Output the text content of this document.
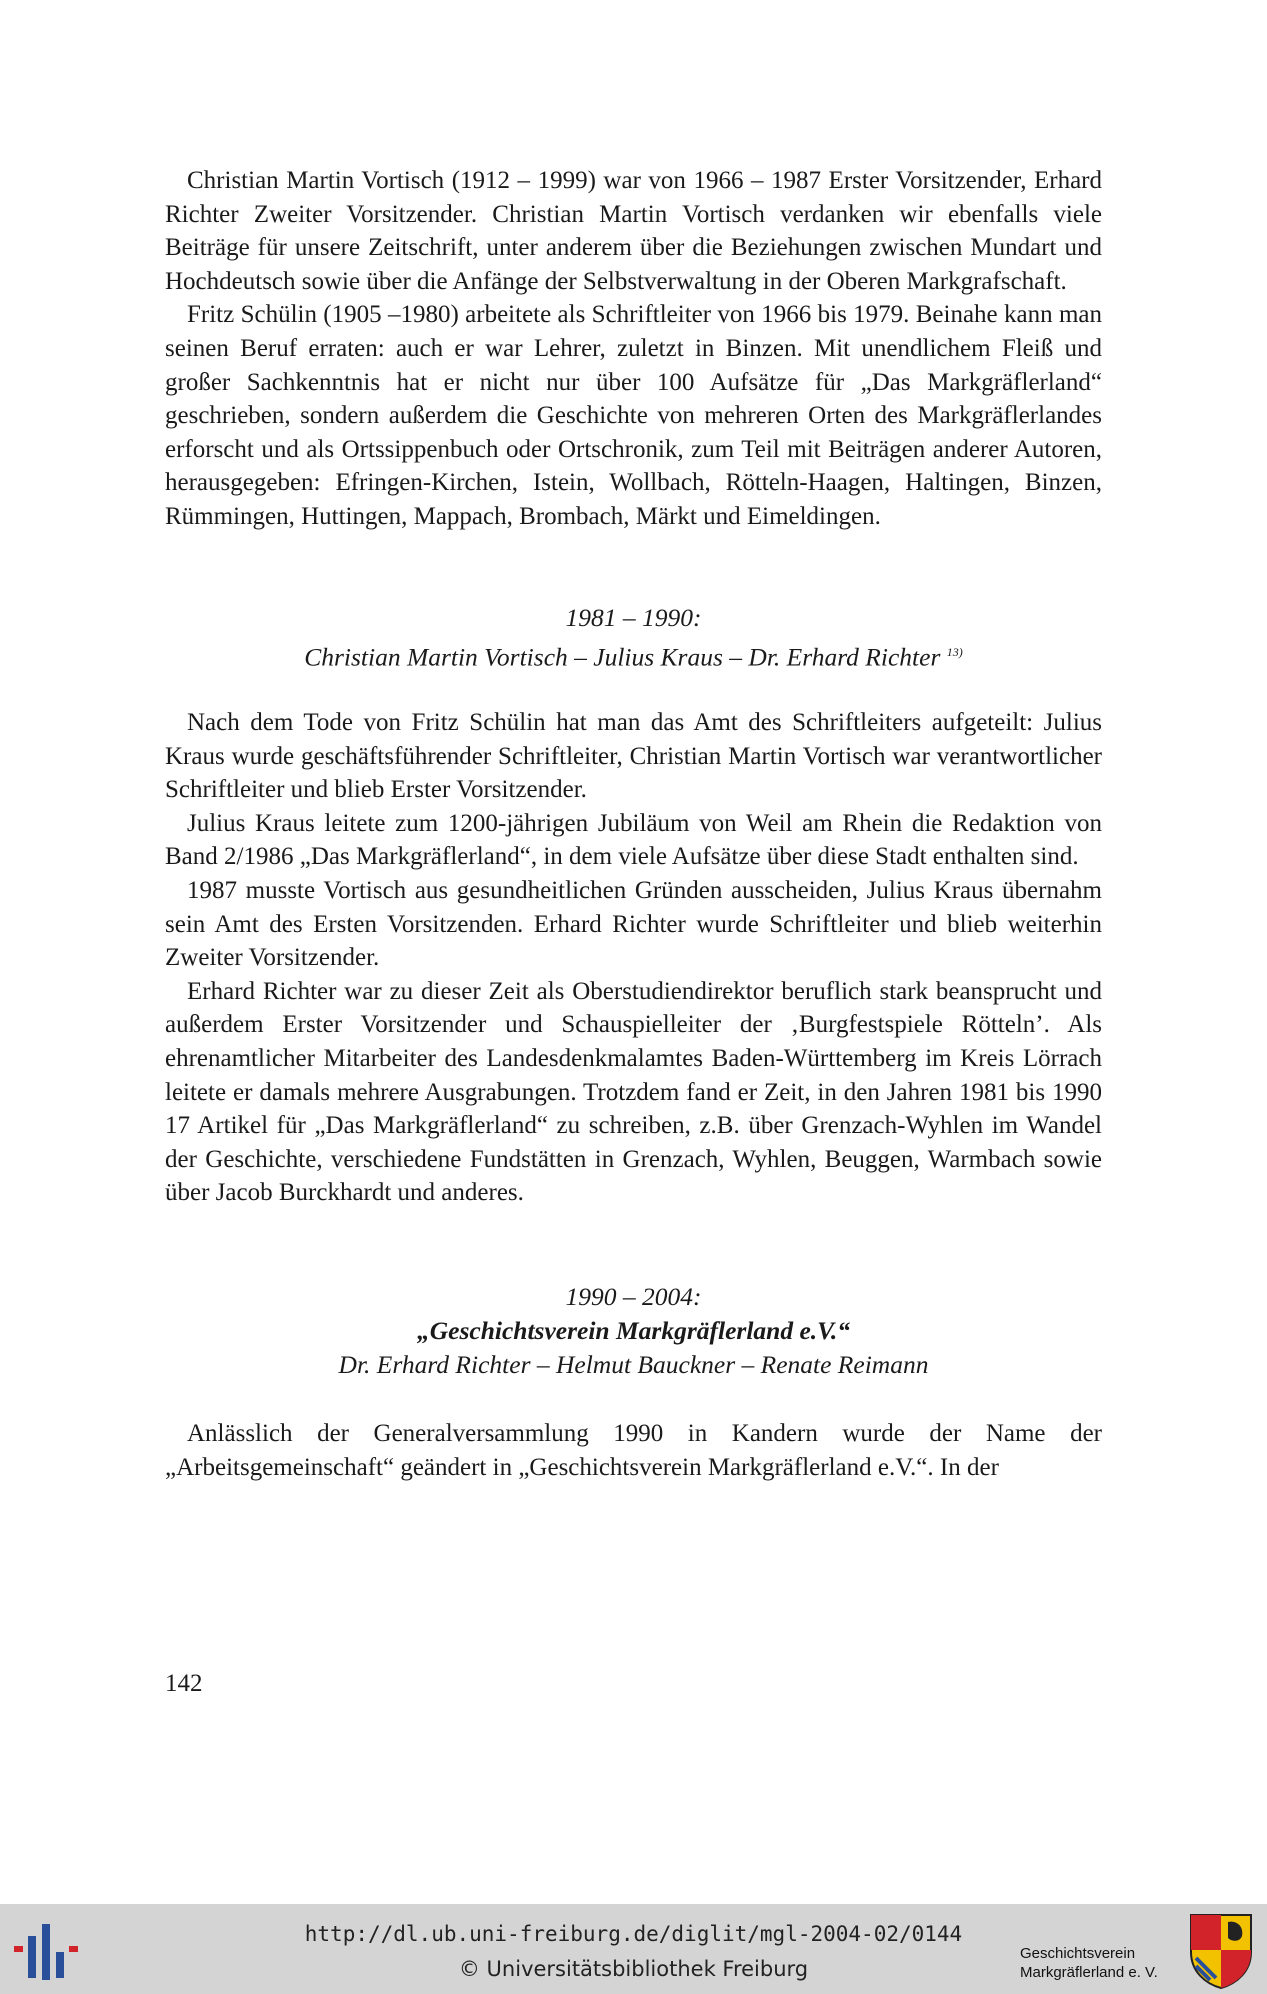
Christian Martin Vortisch (1912 – 1999) war von 1966 – 1987 Erster Vorsitzender, Erhard Richter Zweiter Vorsitzender. Christian Martin Vortisch verdanken wir ebenfalls viele Beiträge für unsere Zeitschrift, unter anderem über die Beziehungen zwischen Mundart und Hochdeutsch sowie über die Anfänge der Selbstverwaltung in der Oberen Markgrafschaft.

Fritz Schülin (1905 –1980) arbeitete als Schriftleiter von 1966 bis 1979. Beinahe kann man seinen Beruf erraten: auch er war Lehrer, zuletzt in Binzen. Mit unendlichem Fleiß und großer Sachkenntnis hat er nicht nur über 100 Aufsätze für „Das Markgräflerland“ geschrieben, sondern außerdem die Geschichte von mehreren Orten des Markgräflerlandes erforscht und als Ortssippenbuch oder Ortschronik, zum Teil mit Beiträgen anderer Autoren, herausgegeben: Efringen-Kirchen, Istein, Wollbach, Rötteln-Haagen, Haltingen, Binzen, Rümmingen, Huttingen, Mappach, Brombach, Märkt und Eimeldingen.

1981 – 1990:

Christian Martin Vortisch – Julius Kraus – Dr. Erhard Richter $^{13)}$

Nach dem Tode von Fritz Schülin hat man das Amt des Schriftleiters aufgeteilt: Julius Kraus wurde geschäftsführender Schriftleiter, Christian Martin Vortisch war verantwortlicher Schriftleiter und blieb Erster Vorsitzender.

Julius Kraus leitete zum 1200-jährigen Jubiläum von Weil am Rhein die Redaktion von Band 2/1986 „Das Markgräflerland“, in dem viele Aufsätze über diese Stadt enthalten sind.

1987 musste Vortisch aus gesundheitlichen Gründen ausscheiden, Julius Kraus übernahm sein Amt des Ersten Vorsitzenden. Erhard Richter wurde Schriftleiter und blieb weiterhin Zweiter Vorsitzender.

Erhard Richter war zu dieser Zeit als Oberstudiendirektor beruflich stark beansprucht und außerdem Erster Vorsitzender und Schauspielleiter der ‚Burgfestspiele Rötteln’. Als ehrenamtlicher Mitarbeiter des Landesdenkmalamtes Baden-Württemberg im Kreis Lörrach leitete er damals mehrere Ausgrabungen. Trotzdem fand er Zeit, in den Jahren 1981 bis 1990 17 Artikel für „Das Markgräflerland“ zu schreiben, z.B. über Grenzach-Wyhlen im Wandel der Geschichte, verschiedene Fundstätten in Grenzach, Wyhlen, Beuggen, Warmbach sowie über Jacob Burckhardt und anderes.

1990 – 2004:

„Geschichtsverein Markgräflerland e.V.“

Dr. Erhard Richter – Helmut Bauckner – Renate Reimann

Anlässlich der Generalversammlung 1990 in Kandern wurde der Name der „Arbeitsgemeinschaft“ geändert in „Geschichtsverein Markgräflerland e.V.“. In der

142
http://dl.ub.uni-freiburg.de/diglit/mgl-2004-02/0144
© Universitätsbibliothek Freiburg
Geschichtsverein
Markgräflerland e. V.
